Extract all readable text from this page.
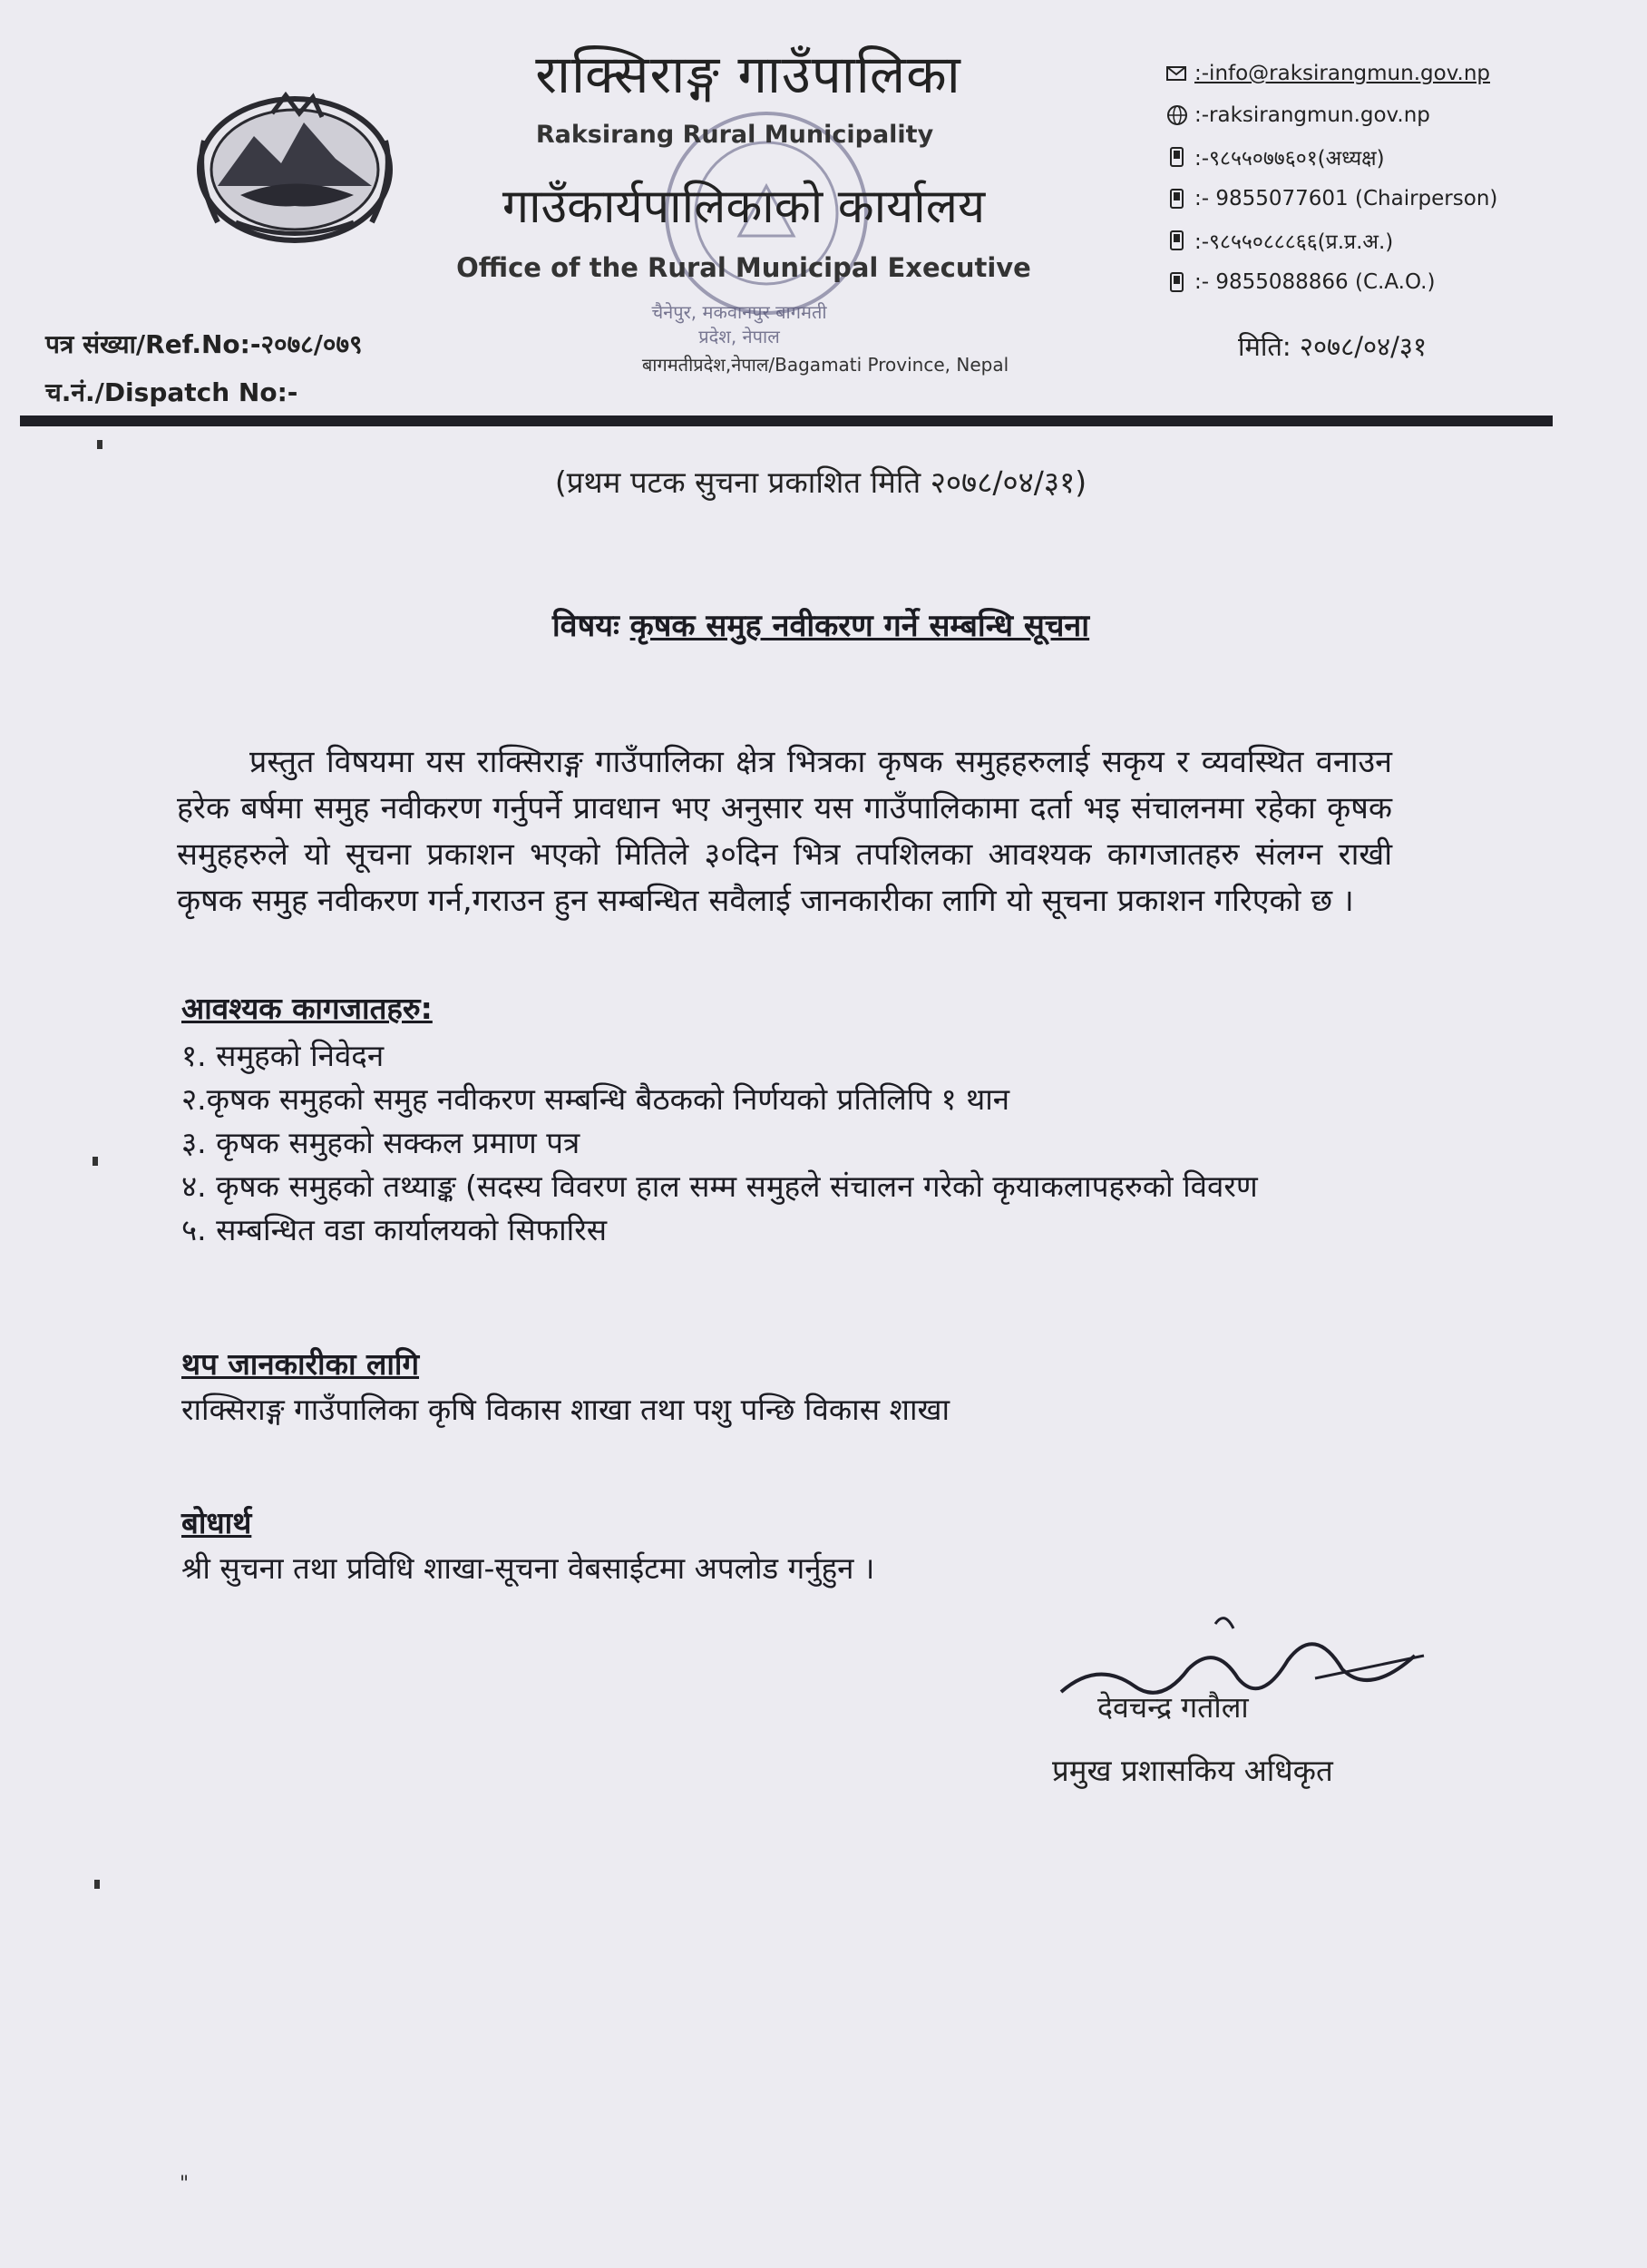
चैनेपुर, मकवानपुर बागमती प्रदेश, नेपाल
राक्सिराङ्ग गाउँपालिका
Raksirang Rural Municipality
गाउँकार्यपालिकाको कार्यालय
Office of the Rural Municipal Executive
बागमतीप्रदेश,नेपाल/Bagamati Province, Nepal
:-info@raksirangmun.gov.np
:-raksirangmun.gov.np
:-९८५५०७७६०१(अध्यक्ष)
:- 9855077601 (Chairperson)
:-९८५५०८८८६६(प्र.प्र.अ.)
:- 9855088866 (C.A.O.)
पत्र संख्या/Ref.No:-२०७८/०७९
च.नं./Dispatch No:-
मिति: २०७८/०४/३१
(प्रथम पटक सुचना प्रकाशित मिति २०७८/०४/३१)
विषयः कृषक समुह नवीकरण गर्ने सम्बन्धि सूचना
प्रस्तुत विषयमा यस राक्सिराङ्ग गाउँपालिका क्षेत्र भित्रका कृषक समुहहरुलाई सकृय र व्यवस्थित वनाउन हरेक बर्षमा समुह नवीकरण गर्नुपर्ने प्रावधान भए अनुसार यस गाउँपालिकामा दर्ता भइ संचालनमा रहेका कृषक समुहहरुले यो सूचना प्रकाशन भएको मितिले ३०दिन भित्र तपशिलका आवश्यक कागजातहरु संलग्न राखी कृषक समुह नवीकरण गर्न,गराउन हुन सम्बन्धित सवैलाई जानकारीका लागि यो सूचना प्रकाशन गरिएको छ ।
आवश्यक कागजातहरु:
१. समुहको निवेदन
२.कृषक समुहको समुह नवीकरण सम्बन्धि बैठकको निर्णयको प्रतिलिपि १ थान
३. कृषक समुहको सक्कल प्रमाण पत्र
४. कृषक समुहको तथ्याङ्क (सदस्य विवरण हाल सम्म समुहले संचालन गरेको कृयाकलापहरुको विवरण
५. सम्बन्धित वडा कार्यालयको सिफारिस
थप जानकारीका लागि
राक्सिराङ्ग गाउँपालिका कृषि विकास शाखा तथा पशु पन्छि विकास शाखा
बोधार्थ
श्री सुचना तथा प्रविधि शाखा-सूचना वेबसाईटमा अपलोड गर्नुहुन ।
देवचन्द्र गतौला
प्रमुख प्रशासकिय अधिकृत
"
